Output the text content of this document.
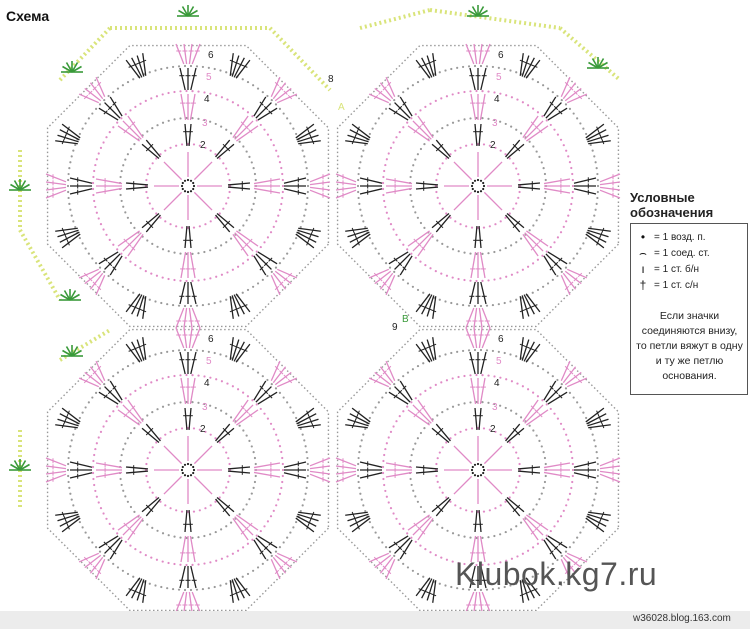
Схема
2
3
4
5
6
2
3
4
5
6
2
3
4
5
6
2
3
4
5
6
8
А
9
В
Условные обозначения
• = 1 возд. п.
⌢ = 1 соед. ст.
ı = 1 ст. б/н
† = 1 ст. с/н
Если значки соединяются внизу, то петли вяжут в одну и ту же петлю основания.
Klubok.kg7.ru
w36028.blog.163.com
